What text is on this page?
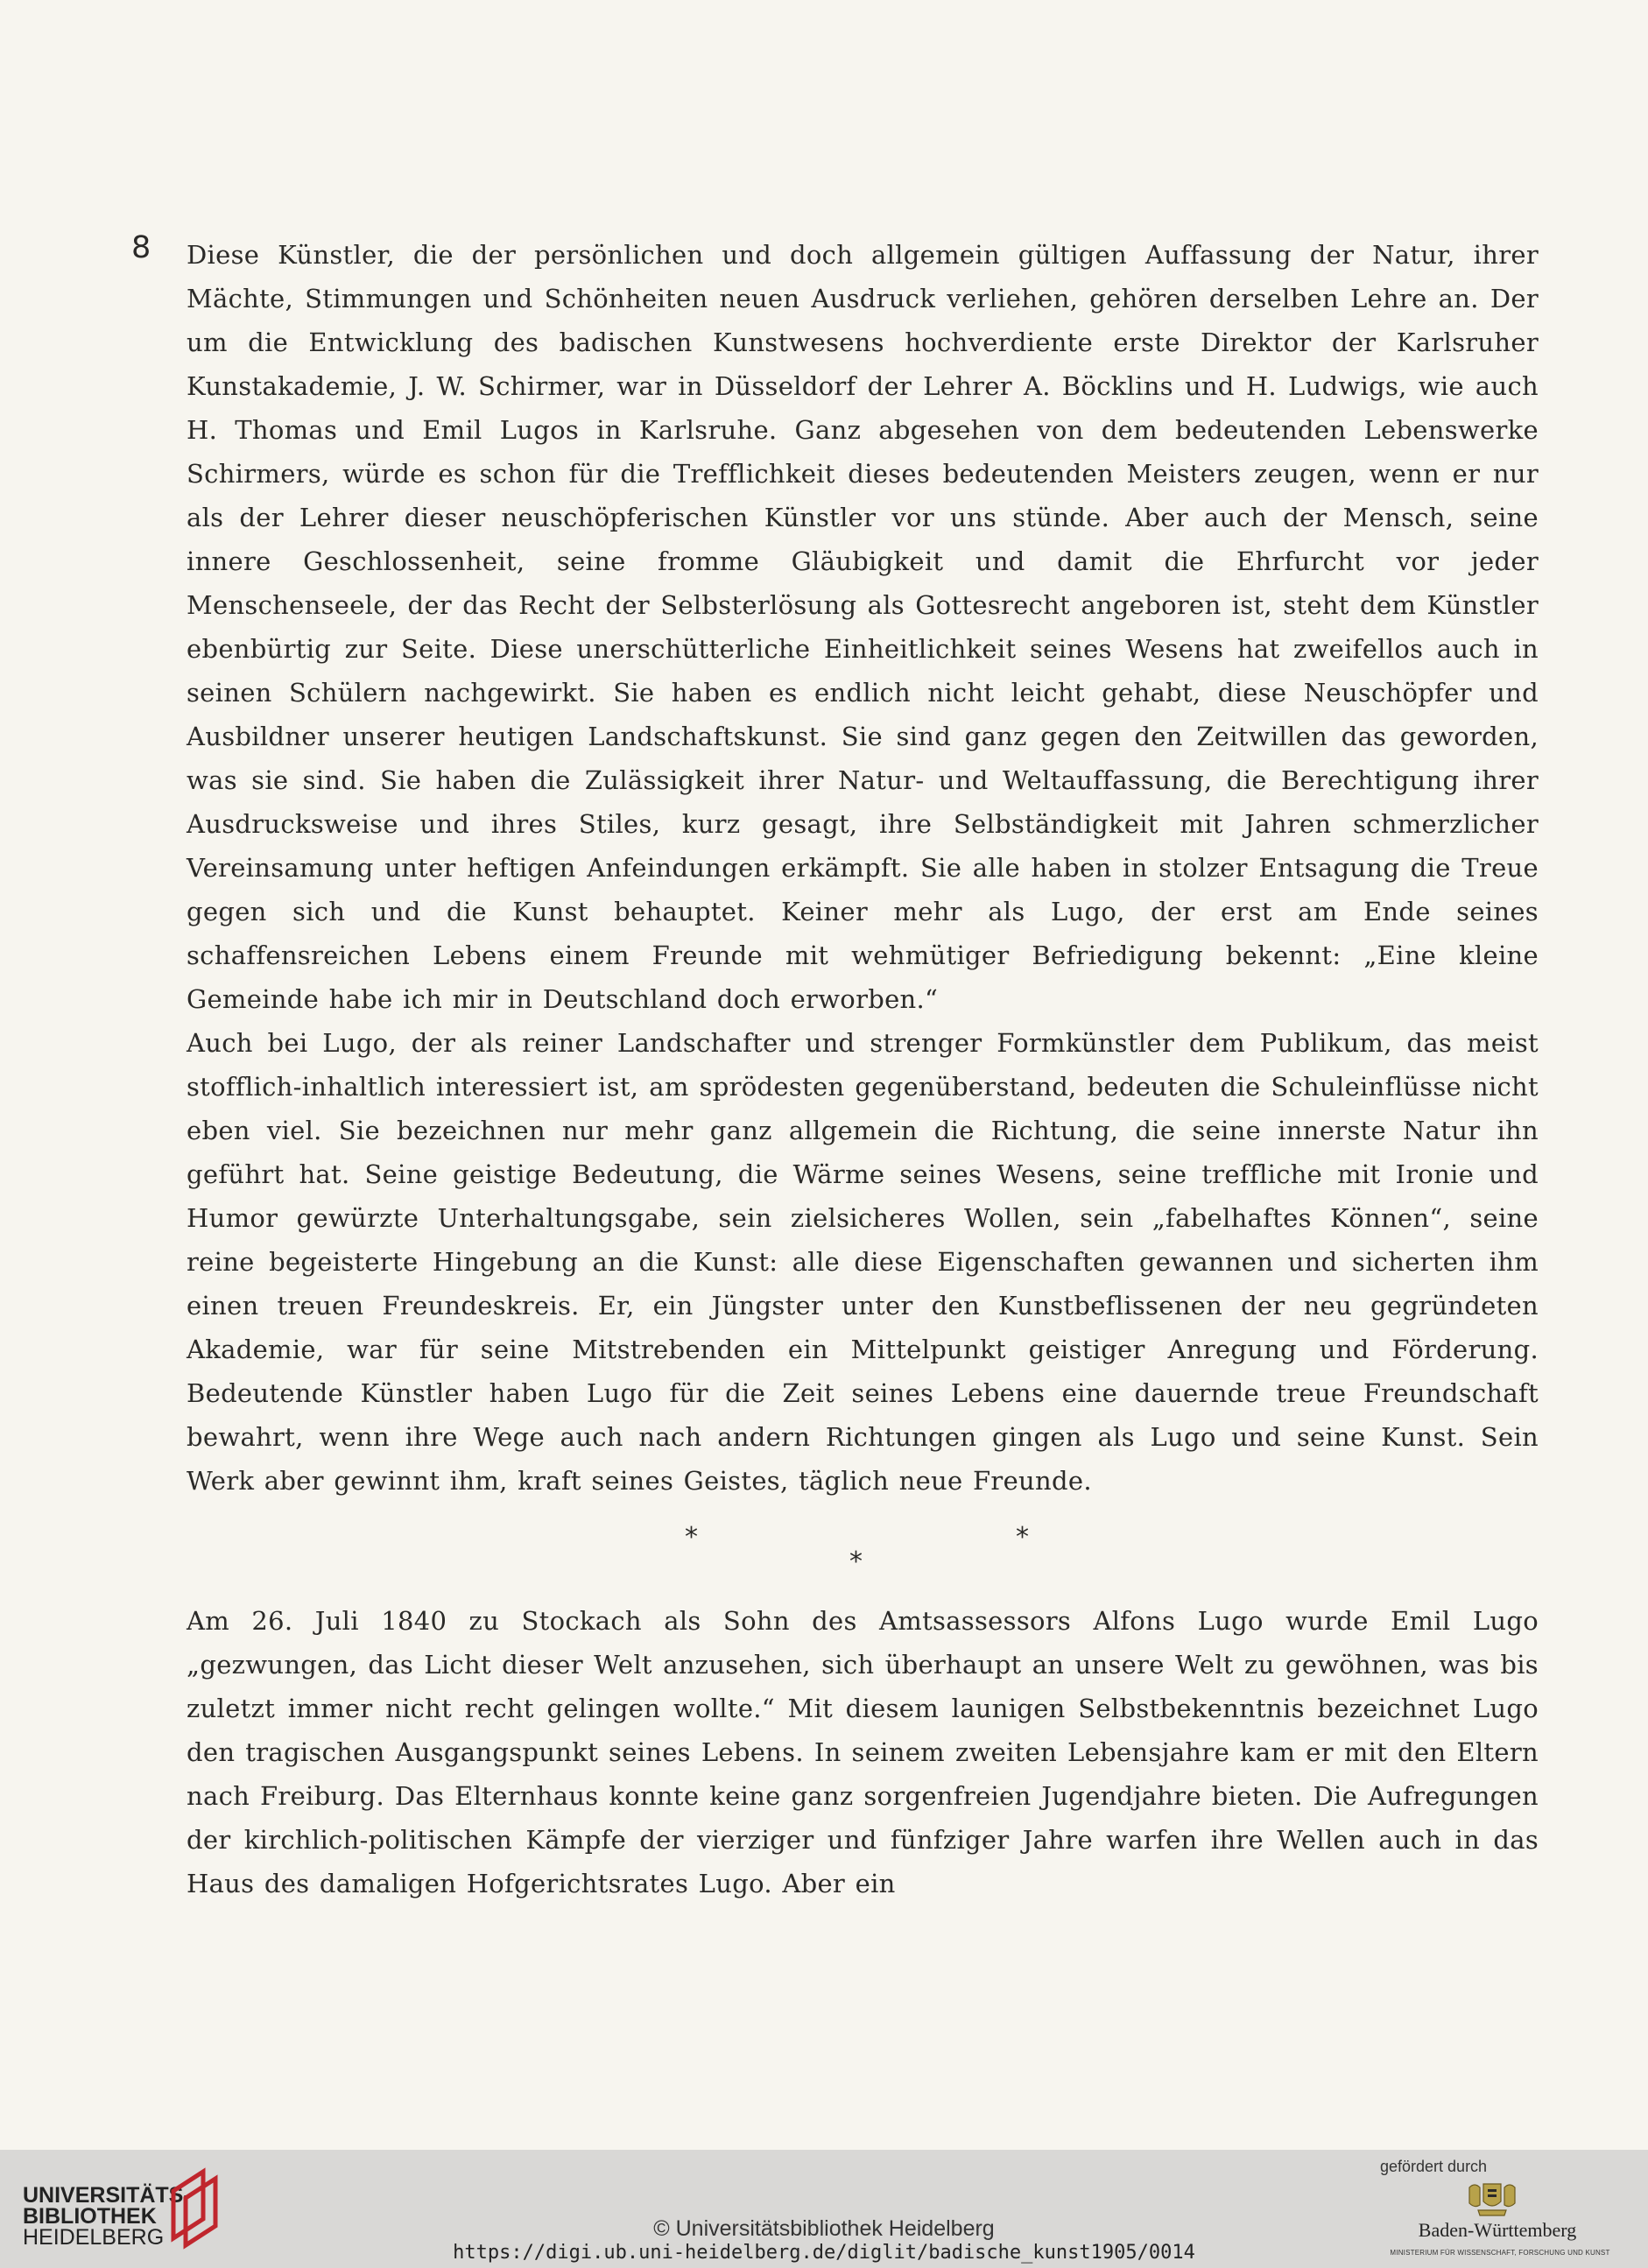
8 Diese Künstler, die der persönlichen und doch allgemein gültigen Auffassung der Natur, ihrer Mächte, Stimmungen und Schönheiten neuen Ausdruck verliehen, gehören derselben Lehre an. Der um die Entwicklung des badischen Kunstwesens hochverdiente erste Direktor der Karlsruher Kunstakademie, J. W. Schirmer, war in Düsseldorf der Lehrer A. Böcklins und H. Ludwigs, wie auch H. Thomas und Emil Lugos in Karlsruhe. Ganz abgesehen von dem bedeutenden Lebenswerke Schirmers, würde es schon für die Trefflichkeit dieses bedeutenden Meisters zeugen, wenn er nur als der Lehrer dieser neuschöpferischen Künstler vor uns stünde. Aber auch der Mensch, seine innere Geschlossenheit, seine fromme Gläubigkeit und damit die Ehrfurcht vor jeder Menschenseele, der das Recht der Selbsterlösung als Gottesrecht angeboren ist, steht dem Künstler ebenbürtig zur Seite. Diese unerschütterliche Einheitlichkeit seines Wesens hat zweifellos auch in seinen Schülern nachgewirkt. Sie haben es endlich nicht leicht gehabt, diese Neuschöpfer und Ausbildner unserer heutigen Landschaftskunst. Sie sind ganz gegen den Zeitwillen das geworden, was sie sind. Sie haben die Zulässigkeit ihrer Natur- und Weltauffassung, die Berechtigung ihrer Ausdrucksweise und ihres Stiles, kurz gesagt, ihre Selbständigkeit mit Jahren schmerzlicher Vereinsamung unter heftigen Anfeindungen erkämpft. Sie alle haben in stolzer Entsagung die Treue gegen sich und die Kunst behauptet. Keiner mehr als Lugo, der erst am Ende seines schaffensreichen Lebens einem Freunde mit wehmütiger Befriedigung bekennt: „Eine kleine Gemeinde habe ich mir in Deutschland doch erworben.“

Auch bei Lugo, der als reiner Landschafter und strenger Formkünstler dem Publikum, das meist stofflich-inhaltlich interessiert ist, am sprödesten gegenüberstand, bedeuten die Schuleinflüsse nicht eben viel. Sie bezeichnen nur mehr ganz allgemein die Richtung, die seine innerste Natur ihn geführt hat. Seine geistige Bedeutung, die Wärme seines Wesens, seine treffliche mit Ironie und Humor gewürzte Unterhaltungsgabe, sein zielsicheres Wollen, sein „fabelhaftes Können“, seine reine begeisterte Hingebung an die Kunst: alle diese Eigenschaften gewannen und sicherten ihm einen treuen Freundeskreis. Er, ein Jüngster unter den Kunstbeflissenen der neu gegründeten Akademie, war für seine Mitstrebenden ein Mittelpunkt geistiger Anregung und Förderung. Bedeutende Künstler haben Lugo für die Zeit seines Lebens eine dauernde treue Freundschaft bewahrt, wenn ihre Wege auch nach andern Richtungen gingen als Lugo und seine Kunst. Sein Werk aber gewinnt ihm, kraft seines Geistes, täglich neue Freunde.

*	*
*

Am 26. Juli 1840 zu Stockach als Sohn des Amtsassessors Alfons Lugo wurde Emil Lugo „gezwungen, das Licht dieser Welt anzusehen, sich überhaupt an unsere Welt zu gewöhnen, was bis zuletzt immer nicht recht gelingen wollte.“ Mit diesem launigen Selbstbekenntnis bezeichnet Lugo den tragischen Ausgangspunkt seines Lebens. In seinem zweiten Lebensjahre kam er mit den Eltern nach Freiburg. Das Elternhaus konnte keine ganz sorgenfreien Jugendjahre bieten. Die Aufregungen der kirchlich-politischen Kämpfe der vierziger und fünfziger Jahre warfen ihre Wellen auch in das Haus des damaligen Hofgerichtsrates Lugo. Aber ein

UNIVERSITÄTS-
BIBLIOTHEK
HEIDELBERG	© Universitätsbibliothek Heidelberg
https://digi.ub.uni-heidelberg.de/diglit/badische_kunst1905/0014
gefördert durch
Baden-Württemberg
MINISTERIUM FÜR WISSENSCHAFT, FORSCHUNG UND KUNST
